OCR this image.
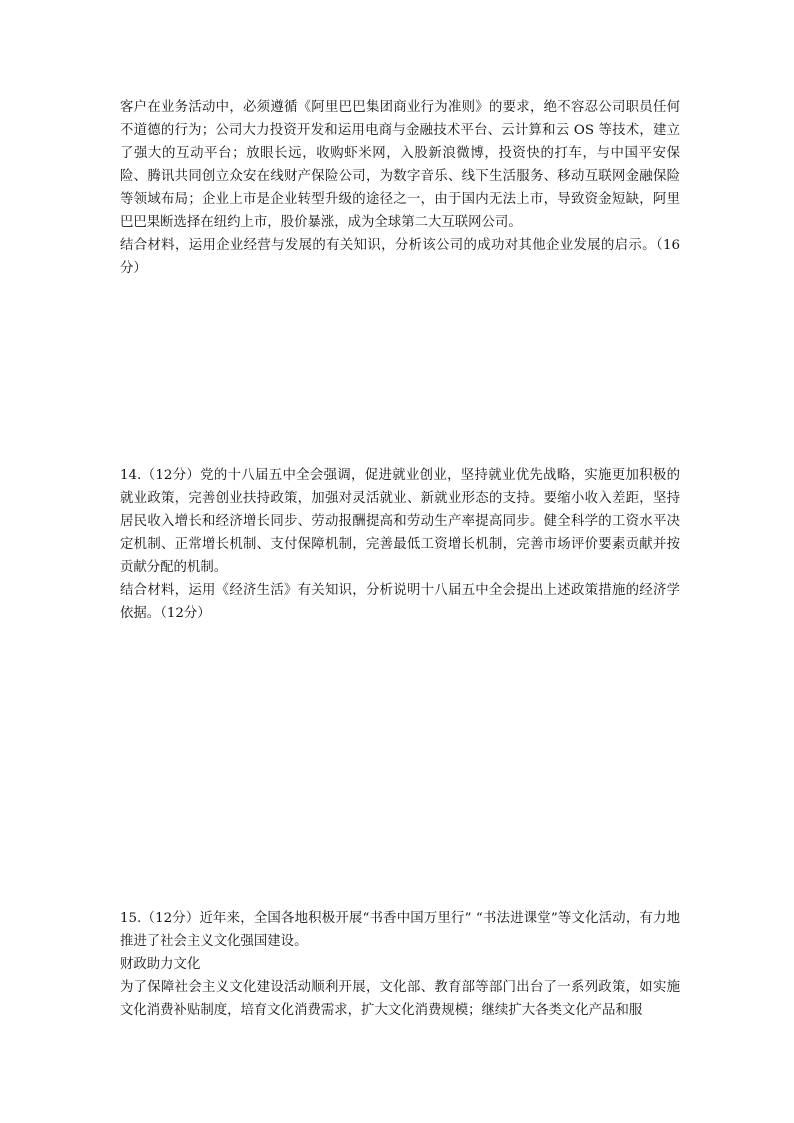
客户在业务活动中，必须遵循《阿里巴巴集团商业行为准则》的要求，绝不容忍公司职员任何不道德的行为；公司大力投资开发和运用电商与金融技术平台、云计算和云 OS 等技术，建立了强大的互动平台；放眼长远，收购虾米网，入股新浪微博，投资快的打车，与中国平安保险、腾讯共同创立众安在线财产保险公司，为数字音乐、线下生活服务、移动互联网金融保险等领域布局；企业上市是企业转型升级的途径之一，由于国内无法上市，导致资金短缺，阿里巴巴果断选择在纽约上市，股价暴涨，成为全球第二大互联网公司。

结合材料，运用企业经营与发展的有关知识，分析该公司的成功对其他企业发展的启示。（16分）

14.（12分）党的十八届五中全会强调，促进就业创业，坚持就业优先战略，实施更加积极的就业政策，完善创业扶持政策，加强对灵活就业、新就业形态的支持。要缩小收入差距，坚持居民收入增长和经济增长同步、劳动报酬提高和劳动生产率提高同步。健全科学的工资水平决定机制、正常增长机制、支付保障机制，完善最低工资增长机制，完善市场评价要素贡献并按贡献分配的机制。

结合材料，运用《经济生活》有关知识，分析说明十八届五中全会提出上述政策措施的经济学依据。（12分）

15.（12分）近年来，全国各地积极开展“书香中国万里行” “书法进课堂”等文化活动，有力地推进了社会主义文化强国建设。

财政助力文化

为了保障社会主义文化建设活动顺利开展，文化部、教育部等部门出台了一系列政策，如实施文化消费补贴制度，培育文化消费需求，扩大文化消费规模；继续扩大各类文化产品和服
